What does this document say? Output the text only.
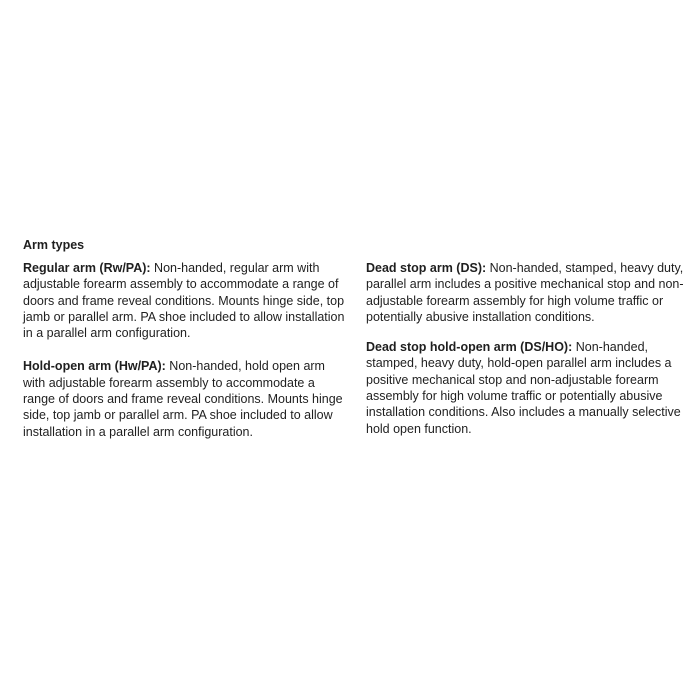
Arm types

Regular arm (Rw/PA): Non-handed, regular arm with adjustable forearm assembly to accommodate a range of doors and frame reveal conditions. Mounts hinge side, top jamb or parallel arm. PA shoe included to allow installation in a parallel arm configuration.

Hold-open arm (Hw/PA): Non-handed, hold open arm with adjustable forearm assembly to accommodate a range of doors and frame reveal conditions. Mounts hinge side, top jamb or parallel arm. PA shoe included to allow installation in a parallel arm configuration.

Dead stop arm (DS): Non-handed, stamped, heavy duty, parallel arm includes a positive mechanical stop and non-adjustable forearm assembly for high volume traffic or potentially abusive installation conditions.

Dead stop hold-open arm (DS/HO): Non-handed, stamped, heavy duty, hold-open parallel arm includes a positive mechanical stop and non-adjustable forearm assembly for high volume traffic or potentially abusive installation conditions. Also includes a manually selective hold open function.
